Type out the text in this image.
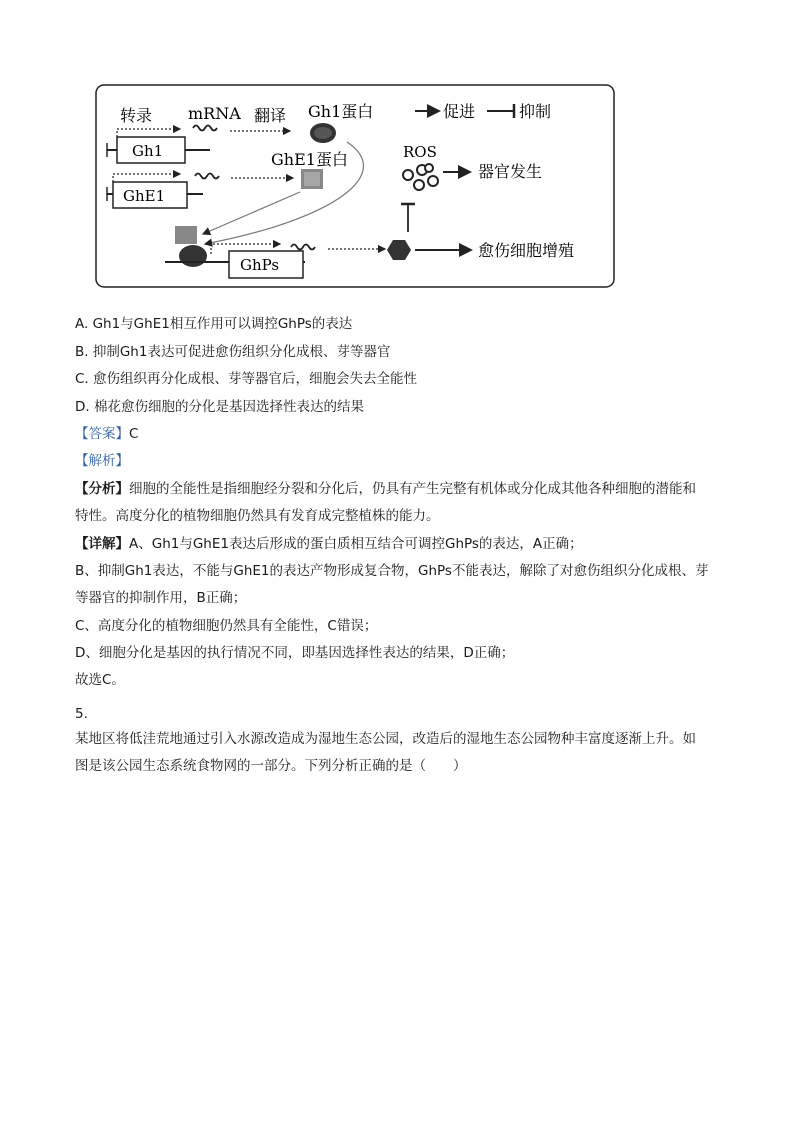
促进	抑制
转录 mRNA 翻译 Gh1蛋白
Gh1
GhE1
GhE1蛋白
GhPs
愈伤细胞增殖
ROS
器官发生
A. Gh1与GhE1相互作用可以调控GhPs的表达
B. 抑制Gh1表达可促进愈伤组织分化成根、芽等器官
C. 愈伤组织再分化成根、芽等器官后，细胞会失去全能性
D. 棉花愈伤细胞的分化是基因选择性表达的结果
【答案】C
【解析】
【分析】细胞的全能性是指细胞经分裂和分化后，仍具有产生完整有机体或分化成其他各种细胞的潜能和
特性。高度分化的植物细胞仍然具有发育成完整植株的能力。
【详解】A、Gh1与GhE1表达后形成的蛋白质相互结合可调控GhPs的表达，A正确；
B、抑制Gh1表达，不能与GhE1的表达产物形成复合物，GhPs不能表达，解除了对愈伤组织分化成根、芽
等器官的抑制作用，B正确；
C、高度分化的植物细胞仍然具有全能性，C错误；
D、细胞分化是基因的执行情况不同，即基因选择性表达的结果，D正确；
故选C。
5.
某地区将低洼荒地通过引入水源改造成为湿地生态公园，改造后的湿地生态公园物种丰富度逐渐上升。如
图是该公园生态系统食物网的一部分。下列分析正确的是（　　）
